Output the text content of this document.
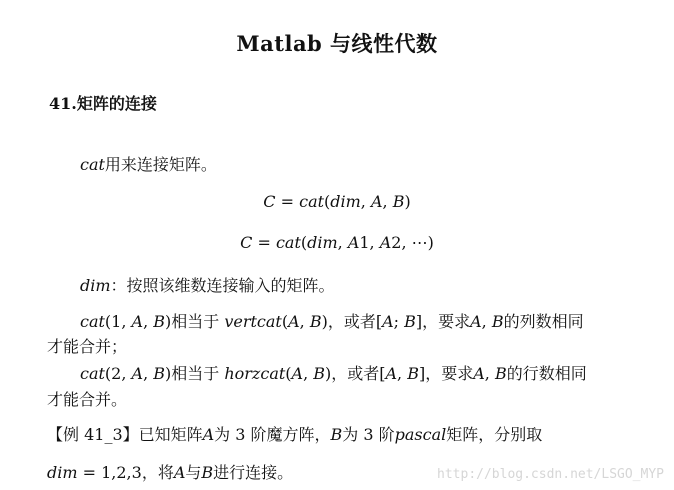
Matlab 与线性代数
41.矩阵的连接
𝑐𝑎𝑡用来连接矩阵。
𝐶 = 𝑐𝑎𝑡(𝑑𝑖𝑚, 𝐴, 𝐵)
𝐶 = 𝑐𝑎𝑡(𝑑𝑖𝑚, 𝐴1, 𝐴2, ⋯)
𝑑𝑖𝑚：按照该维数连接输入的矩阵。
𝑐𝑎𝑡(1, 𝐴, 𝐵)相当于 𝑣𝑒𝑟𝑡𝑐𝑎𝑡(𝐴, 𝐵)，或者[𝐴; 𝐵]，要求𝐴, 𝐵的列数相同
才能合并；
𝑐𝑎𝑡(2, 𝐴, 𝐵)相当于 ℎ𝑜𝑟𝑧𝑐𝑎𝑡(𝐴, 𝐵)，或者[𝐴, 𝐵]，要求𝐴, 𝐵的行数相同
才能合并。
【例 41_3】已知矩阵𝐴为 3 阶魔方阵，𝐵为 3 阶𝑝𝑎𝑠𝑐𝑎𝑙矩阵，分别取
𝑑𝑖𝑚 = 1,2,3，将𝐴与𝐵进行连接。	http://blog.csdn.net/LSGO_MYP
